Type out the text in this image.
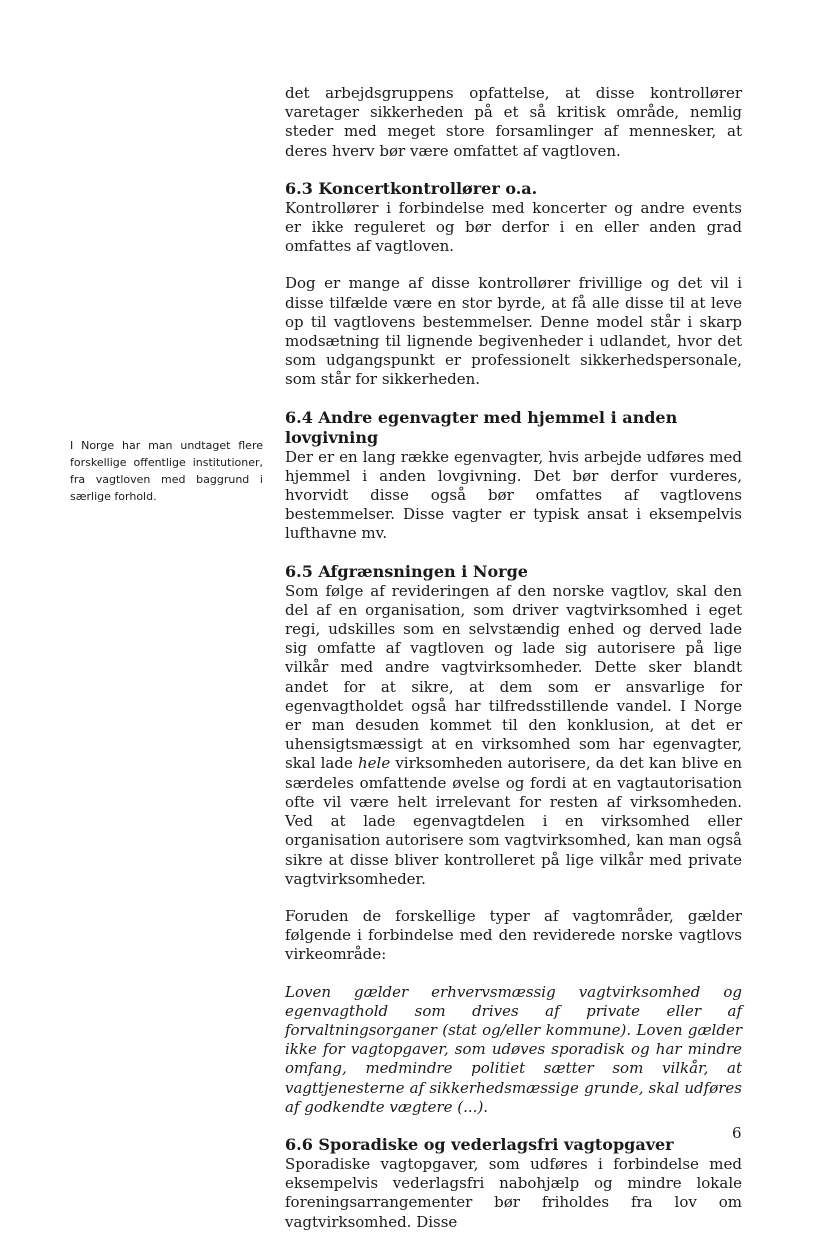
det arbejdsgruppens opfattelse, at disse kontrollører varetager sikkerheden på et så kritisk område, nemlig steder med meget store forsamlinger af mennesker, at deres hverv bør være omfattet af vagtloven.

6.3 Koncertkontrollører o.a.

Kontrollører i forbindelse med koncerter og andre events er ikke reguleret og bør derfor i en eller anden grad omfattes af vagtloven.

Dog er mange af disse kontrollører frivillige og det vil i disse tilfælde være en stor byrde, at få alle disse til at leve op til vagtlovens bestemmelser. Denne model står i skarp modsætning til lignende begivenheder i udlandet, hvor det som udgangspunkt er professionelt sikkerhedspersonale, som står for sikkerheden.

6.4 Andre egenvagter med hjemmel i anden lovgivning

Der er en lang række egenvagter, hvis arbejde udføres med hjemmel i anden lovgivning. Det bør derfor vurderes, hvorvidt disse også bør omfattes af vagtlovens bestemmelser. Disse vagter er typisk ansat i eksempelvis lufthavne mv.

6.5 Afgrænsningen i Norge

Som følge af revideringen af den norske vagtlov, skal den del af en organisation, som driver vagtvirksomhed i eget regi, udskilles som en selvstændig enhed og derved lade sig omfatte af vagtloven og lade sig autorisere på lige vilkår med andre vagtvirksomheder. Dette sker blandt andet for at sikre, at dem som er ansvarlige for egenvagtholdet også har tilfredsstillende vandel. I Norge er man desuden kommet til den konklusion, at det er uhensigtsmæssigt at en virksomhed som har egenvagter, skal lade hele virksomheden autorisere, da det kan blive en særdeles omfattende øvelse og fordi at en vagtautorisation ofte vil være helt irrelevant for resten af virksomheden. Ved at lade egenvagtdelen i en virksomhed eller organisation autorisere som vagtvirksomhed, kan man også sikre at disse bliver kontrolleret på lige vilkår med private vagtvirksomheder.

Foruden de forskellige typer af vagtområder, gælder følgende i forbindelse med den reviderede norske vagtlovs virkeområde:

Loven gælder erhvervsmæssig vagtvirksomhed og egenvagthold som drives af private eller af forvaltningsorganer (stat og/eller kommune). Loven gælder ikke for vagtopgaver, som udøves sporadisk og har mindre omfang, medmindre politiet sætter som vilkår, at vagttjenesterne af sikkerhedsmæssige grunde, skal udføres af godkendte vægtere (...).

6.6 Sporadiske og vederlagsfri vagtopgaver

Sporadiske vagtopgaver, som udføres i forbindelse med eksempelvis vederlagsfri nabohjælp og mindre lokale foreningsarrangementer bør friholdes fra lov om vagtvirksomhed. Disse

I Norge har man undtaget flere forskellige offentlige institutioner, fra vagtloven med baggrund i særlige forhold.
6
